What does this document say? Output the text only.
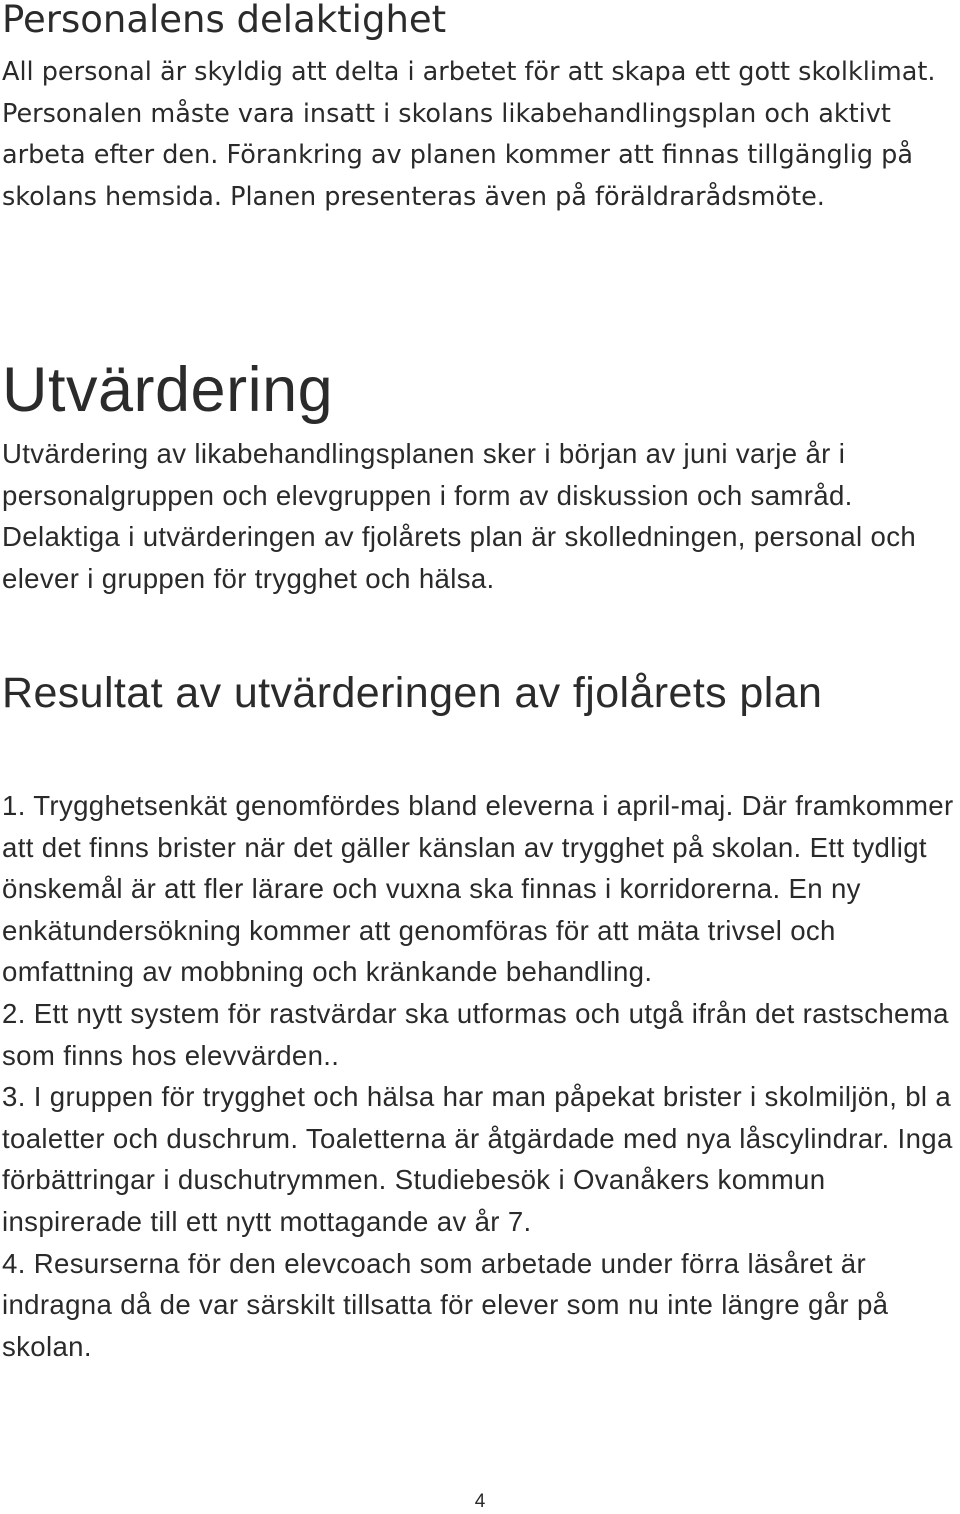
Personalens delaktighet

All personal är skyldig att delta i arbetet för att skapa ett gott skolklimat. Personalen måste vara insatt i skolans likabehandlingsplan och aktivt arbeta efter den. Förankring av planen kommer att finnas tillgänglig på skolans hemsida. Planen presenteras även på föräldrarådsmöte.

Utvärdering

Utvärdering av likabehandlingsplanen sker i början av juni varje år i personalgruppen och elevgruppen i form av diskussion och samråd. Delaktiga i utvärderingen av fjolårets plan är skolledningen, personal och elever i gruppen för trygghet och hälsa.

Resultat av utvärderingen av fjolårets plan

1. Trygghetsenkät genomfördes bland eleverna i april-maj. Där framkommer att det finns brister när det gäller känslan av trygghet på skolan. Ett tydligt önskemål är att fler lärare och vuxna ska finnas i korridorerna. En ny enkätundersökning kommer att genomföras för att mäta trivsel och omfattning av mobbning och kränkande behandling.

2. Ett nytt system för rastvärdar ska utformas och utgå ifrån det rastschema som finns hos elevvärden..

3. I gruppen för trygghet och hälsa har man påpekat brister i skolmiljön, bl a toaletter och duschrum. Toaletterna är åtgärdade med nya låscylindrar. Inga förbättringar i duschutrymmen. Studiebesök i Ovanåkers kommun inspirerade till ett nytt mottagande av år 7.

4. Resurserna för den elevcoach som arbetade under förra läsåret är indragna då de var särskilt tillsatta för elever som nu inte längre går på skolan.

4
